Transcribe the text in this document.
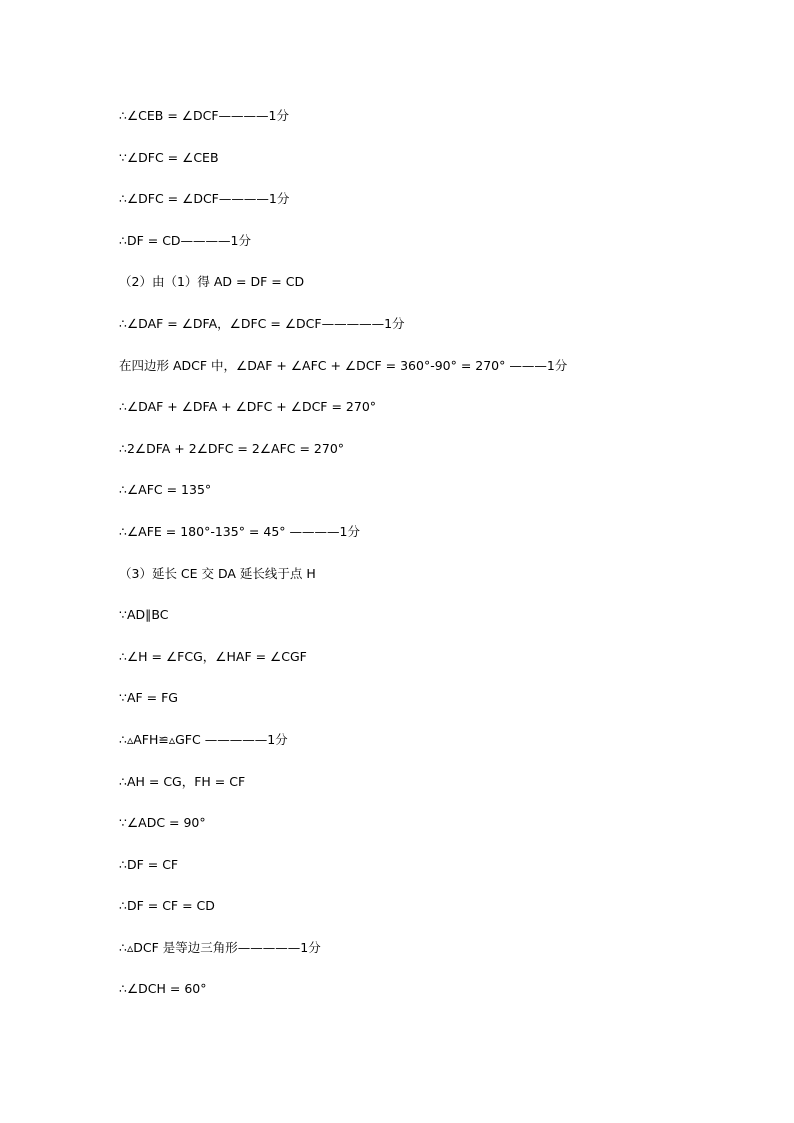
∴∠CEB = ∠DCF————1分
∵∠DFC = ∠CEB
∴∠DFC = ∠DCF————1分
∴DF = CD————1分
（2）由（1）得 AD = DF = CD
∴∠DAF = ∠DFA，∠DFC = ∠DCF—————1分
在四边形 ADCF 中，∠DAF + ∠AFC + ∠DCF = 360°-90° = 270° ———1分
∴∠DAF + ∠DFA + ∠DFC + ∠DCF = 270°
∴2∠DFA + 2∠DFC = 2∠AFC = 270°
∴∠AFC = 135°
∴∠AFE = 180°-135° = 45° ————1分
（3）延长 CE 交 DA 延长线于点 H
∵AD∥BC
∴∠H = ∠FCG，∠HAF = ∠CGF
∵AF = FG
∴▵AFH≌▵GFC —————1分
∴AH = CG，FH = CF
∵∠ADC = 90°
∴DF = CF
∴DF = CF = CD
∴▵DCF 是等边三角形—————1分
∴∠DCH = 60°
